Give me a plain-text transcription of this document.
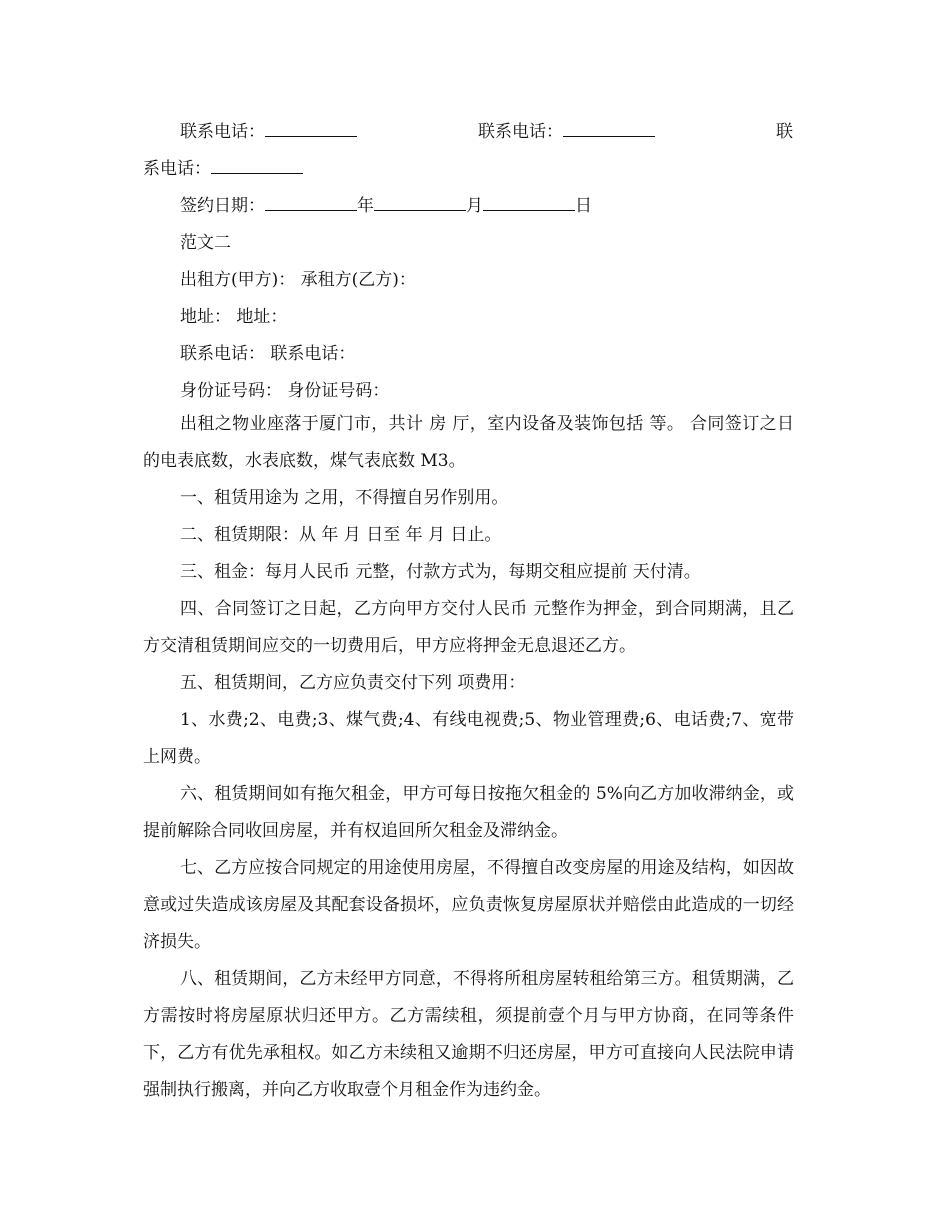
联系电话：	联系电话：	联
系电话：
签约日期：	年	月	日
范文二
出租方(甲方)： 承租方(乙方)：
地址： 地址：
联系电话： 联系电话：
身份证号码： 身份证号码：
出租之物业座落于厦门市，共计 房 厅，室内设备及装饰包括 等。 合同签订之日的电表底数，水表底数，煤气表底数 M3。
一、租赁用途为 之用，不得擅自另作别用。
二、租赁期限：从 年 月 日至 年 月 日止。
三、租金：每月人民币 元整，付款方式为，每期交租应提前 天付清。
四、合同签订之日起，乙方向甲方交付人民币 元整作为押金，到合同期满，且乙方交清租赁期间应交的一切费用后，甲方应将押金无息退还乙方。
五、租赁期间，乙方应负责交付下列 项费用：
1、水费;2、电费;3、煤气费;4、有线电视费;5、物业管理费;6、电话费;7、宽带上网费。
六、租赁期间如有拖欠租金，甲方可每日按拖欠租金的 5%向乙方加收滞纳金，或提前解除合同收回房屋，并有权追回所欠租金及滞纳金。
七、乙方应按合同规定的用途使用房屋，不得擅自改变房屋的用途及结构，如因故意或过失造成该房屋及其配套设备损坏，应负责恢复房屋原状并赔偿由此造成的一切经济损失。
八、租赁期间，乙方未经甲方同意，不得将所租房屋转租给第三方。租赁期满，乙方需按时将房屋原状归还甲方。乙方需续租，须提前壹个月与甲方协商，在同等条件下，乙方有优先承租权。如乙方未续租又逾期不归还房屋，甲方可直接向人民法院申请强制执行搬离，并向乙方收取壹个月租金作为违约金。
